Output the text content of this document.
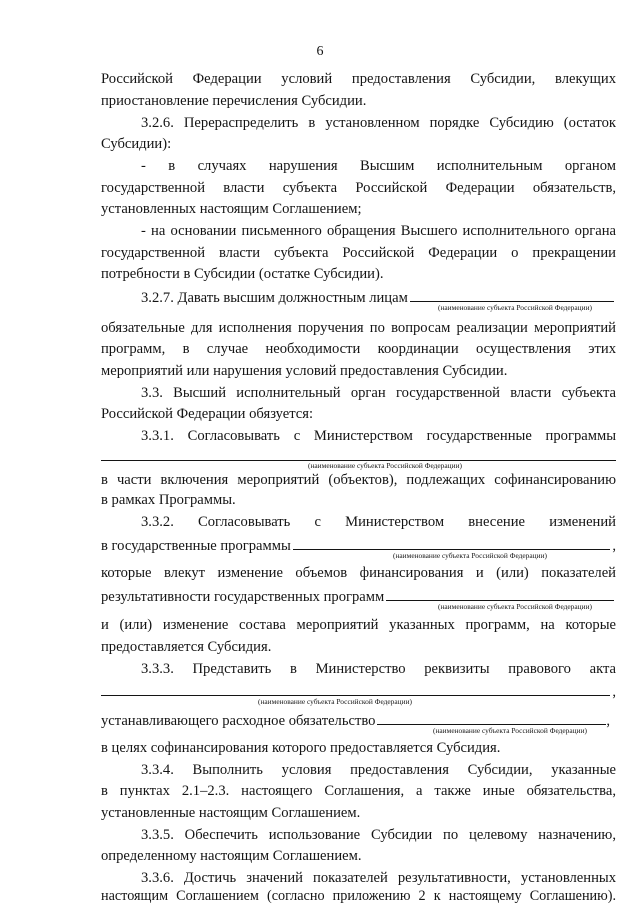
6
Российской Федерации условий предоставления Субсидии, влекущих
приостановление перечисления Субсидии.
3.2.6. Перераспределить в установленном порядке Субсидию (остаток
Субсидии):
- в случаях нарушения Высшим исполнительным органом
государственной власти субъекта Российской Федерации обязательств,
установленных настоящим Соглашением;
- на основании письменного обращения Высшего исполнительного органа
государственной власти субъекта Российской Федерации о прекращении
потребности в Субсидии (остатке Субсидии).
3.2.7. Давать высшим должностным лицам
(наименование субъекта Российской Федерации)
обязательные для исполнения поручения по вопросам реализации мероприятий
программ, в случае необходимости координации осуществления этих
мероприятий или нарушения условий предоставления Субсидии.
3.3. Высший исполнительный орган государственной власти субъекта
Российской Федерации обязуется:
3.3.1. Согласовывать с Министерством государственные программы
(наименование субъекта Российской Федерации)
в части включения мероприятий (объектов), подлежащих софинансированию
в рамках Программы.
3.3.2. Согласовывать с Министерством внесение изменений
в государственные программы	,
(наименование субъекта Российской Федерации)
которые влекут изменение объемов финансирования и (или) показателей
результативности государственных программ
(наименование субъекта Российской Федерации)
и (или) изменение состава мероприятий указанных программ, на которые
предоставляется Субсидия.
3.3.3. Представить в Министерство реквизиты правового акта
,
(наименование субъекта Российской Федерации)
устанавливающего расходное обязательство	,
(наименование субъекта Российской Федерации)
в целях софинансирования которого предоставляется Субсидия.
3.3.4. Выполнить условия предоставления Субсидии, указанные
в пунктах 2.1–2.3. настоящего Соглашения, а также иные обязательства,
установленные настоящим Соглашением.
3.3.5. Обеспечить использование Субсидии по целевому назначению,
определенному настоящим Соглашением.
3.3.6. Достичь значений показателей результативности, установленных
настоящим Соглашением (согласно приложению 2 к настоящему Соглашению).
